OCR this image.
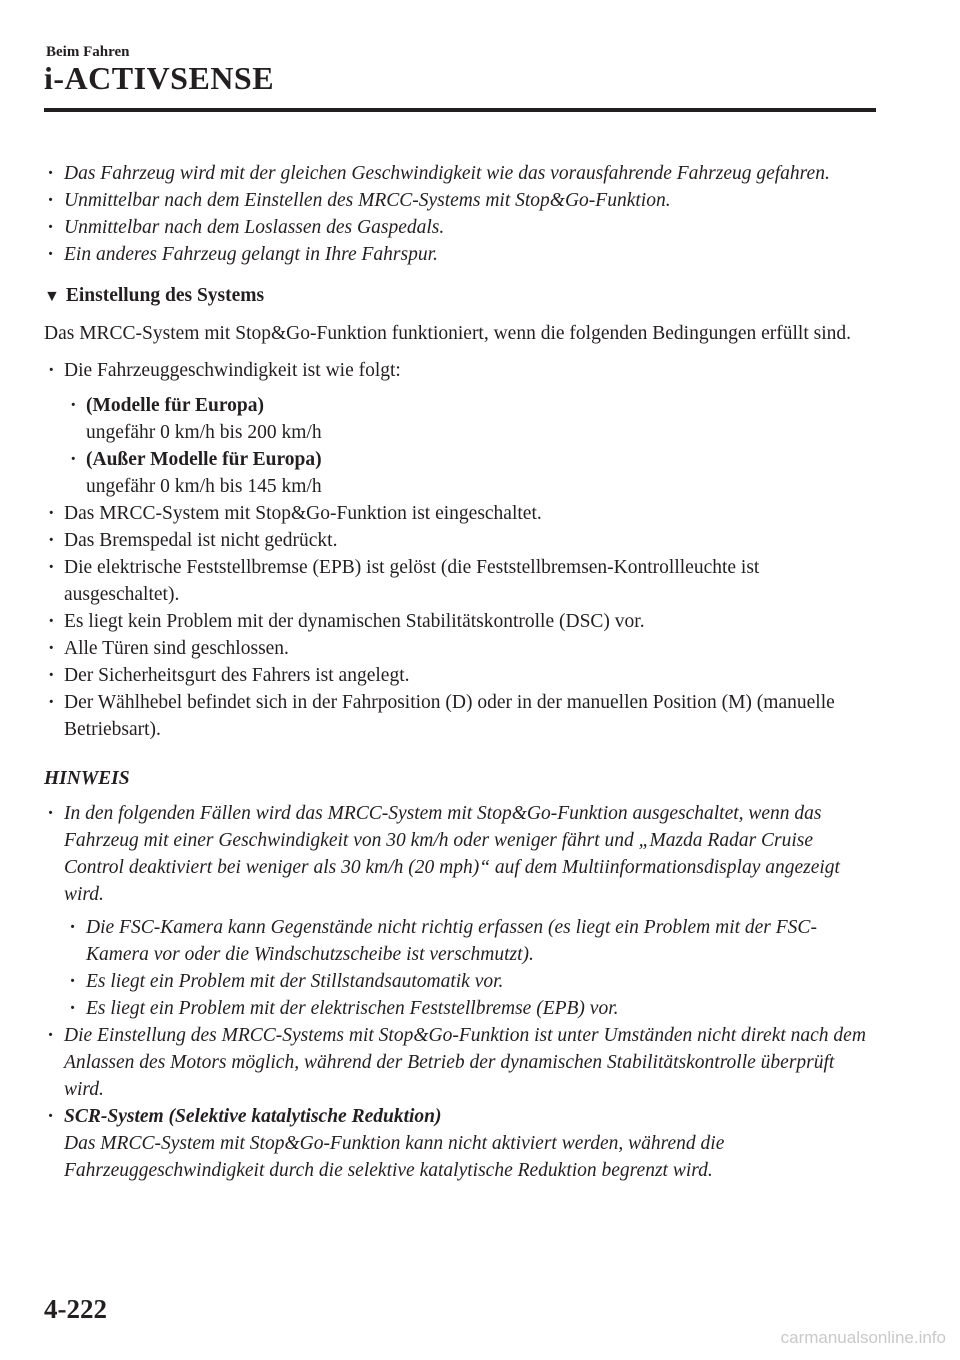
Beim Fahren
i-ACTIVSENSE
· Das Fahrzeug wird mit der gleichen Geschwindigkeit wie das vorausfahrende Fahrzeug gefahren.
· Unmittelbar nach dem Einstellen des MRCC-Systems mit Stop&Go-Funktion.
· Unmittelbar nach dem Loslassen des Gaspedals.
· Ein anderes Fahrzeug gelangt in Ihre Fahrspur.
▼ Einstellung des Systems
Das MRCC-System mit Stop&Go-Funktion funktioniert, wenn die folgenden Bedingungen erfüllt sind.
· Die Fahrzeuggeschwindigkeit ist wie folgt:
· (Modelle für Europa)
ungefähr 0 km/h bis 200 km/h
· (Außer Modelle für Europa)
ungefähr 0 km/h bis 145 km/h
· Das MRCC-System mit Stop&Go-Funktion ist eingeschaltet.
· Das Bremspedal ist nicht gedrückt.
· Die elektrische Feststellbremse (EPB) ist gelöst (die Feststellbremsen-Kontrollleuchte ist ausgeschaltet).
· Es liegt kein Problem mit der dynamischen Stabilitätskontrolle (DSC) vor.
· Alle Türen sind geschlossen.
· Der Sicherheitsgurt des Fahrers ist angelegt.
· Der Wählhebel befindet sich in der Fahrposition (D) oder in der manuellen Position (M) (manuelle Betriebsart).
HINWEIS
· In den folgenden Fällen wird das MRCC-System mit Stop&Go-Funktion ausgeschaltet, wenn das Fahrzeug mit einer Geschwindigkeit von 30 km/h oder weniger fährt und „Mazda Radar Cruise Control deaktiviert bei weniger als 30 km/h (20 mph)“ auf dem Multiinformationsdisplay angezeigt wird.
· Die FSC-Kamera kann Gegenstände nicht richtig erfassen (es liegt ein Problem mit der FSC-Kamera vor oder die Windschutzscheibe ist verschmutzt).
· Es liegt ein Problem mit der Stillstandsautomatik vor.
· Es liegt ein Problem mit der elektrischen Feststellbremse (EPB) vor.
· Die Einstellung des MRCC-Systems mit Stop&Go-Funktion ist unter Umständen nicht direkt nach dem Anlassen des Motors möglich, während der Betrieb der dynamischen Stabilitätskontrolle überprüft wird.
· SCR-System (Selektive katalytische Reduktion)
Das MRCC-System mit Stop&Go-Funktion kann nicht aktiviert werden, während die Fahrzeuggeschwindigkeit durch die selektive katalytische Reduktion begrenzt wird.
4-222
carmanualsonline.info
